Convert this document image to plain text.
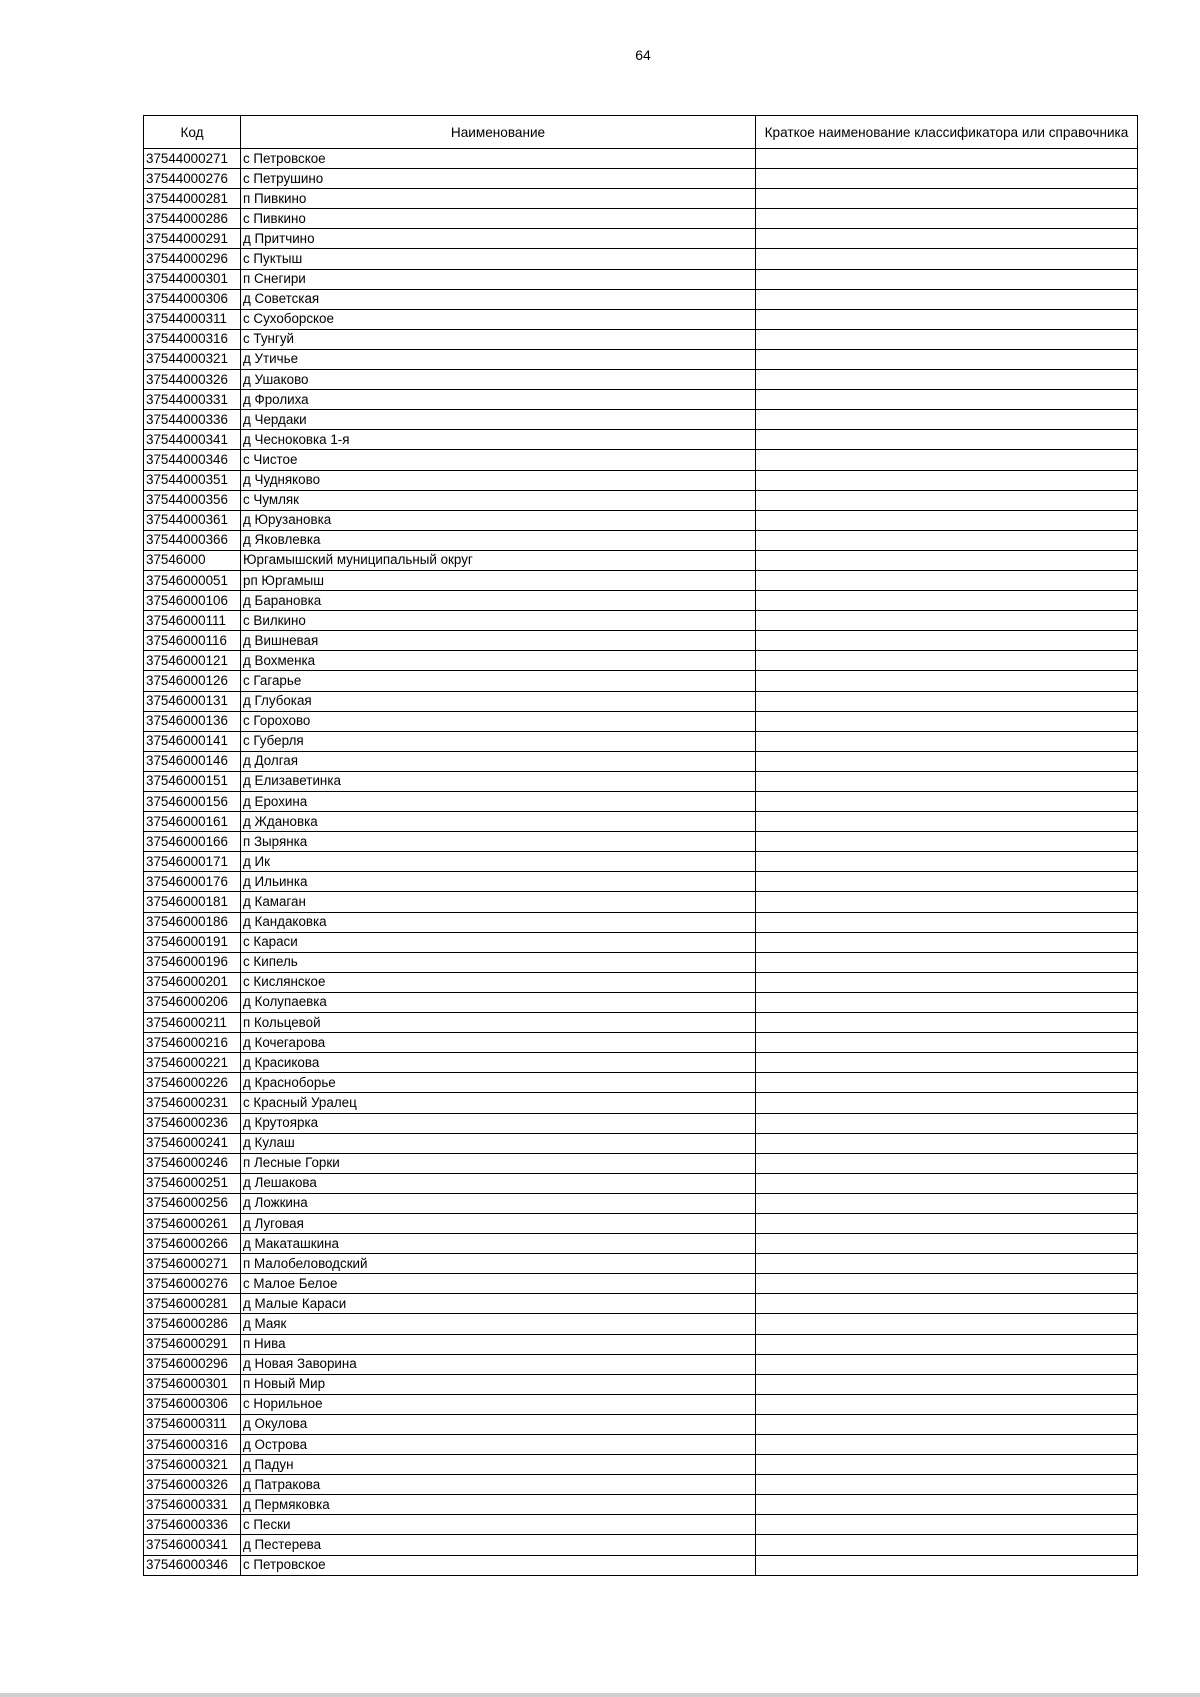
64
Код	Наименование	Краткое наименование классификатора или справочника
37544000271	с Петровское	
37544000276	с Петрушино	
37544000281	п Пивкино	
37544000286	с Пивкино	
37544000291	д Притчино	
37544000296	с Пуктыш	
37544000301	п Снегири	
37544000306	д Советская	
37544000311	с Сухоборское	
37544000316	с Тунгуй	
37544000321	д Утичье	
37544000326	д Ушаково	
37544000331	д Фролиха	
37544000336	д Чердаки	
37544000341	д Чесноковка 1-я	
37544000346	с Чистое	
37544000351	д Чудняково	
37544000356	с Чумляк	
37544000361	д Юрузановка	
37544000366	д Яковлевка	
37546000	Юргамышский муниципальный округ	
37546000051	рп Юргамыш	
37546000106	д Барановка	
37546000111	с Вилкино	
37546000116	д Вишневая	
37546000121	д Вохменка	
37546000126	с Гагарье	
37546000131	д Глубокая	
37546000136	с Горохово	
37546000141	с Губерля	
37546000146	д Долгая	
37546000151	д Елизаветинка	
37546000156	д Ерохина	
37546000161	д Ждановка	
37546000166	п Зырянка	
37546000171	д Ик	
37546000176	д Ильинка	
37546000181	д Камаган	
37546000186	д Кандаковка	
37546000191	с Караси	
37546000196	с Кипель	
37546000201	с Кислянское	
37546000206	д Колупаевка	
37546000211	п Кольцевой	
37546000216	д Кочегарова	
37546000221	д Красикова	
37546000226	д Красноборье	
37546000231	с Красный Уралец	
37546000236	д Крутоярка	
37546000241	д Кулаш	
37546000246	п Лесные Горки	
37546000251	д Лешакова	
37546000256	д Ложкина	
37546000261	д Луговая	
37546000266	д Макаташкина	
37546000271	п Малобеловодский	
37546000276	с Малое Белое	
37546000281	д Малые Караси	
37546000286	д Маяк	
37546000291	п Нива	
37546000296	д Новая Заворина	
37546000301	п Новый Мир	
37546000306	с Норильное	
37546000311	д Окулова	
37546000316	д Острова	
37546000321	д Падун	
37546000326	д Патракова	
37546000331	д Пермяковка	
37546000336	с Пески	
37546000341	д Пестерева	
37546000346	с Петровское	
